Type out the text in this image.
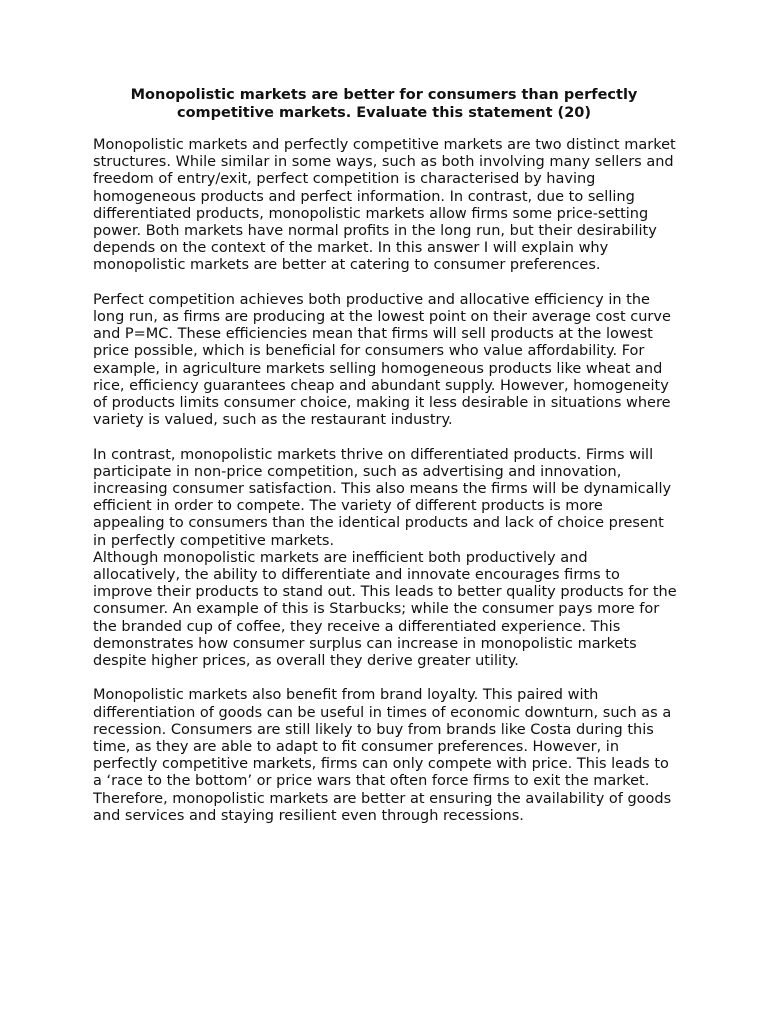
Monopolistic markets are better for consumers than perfectly competitive markets. Evaluate this statement (20)

Monopolistic markets and perfectly competitive markets are two distinct market structures. While similar in some ways, such as both involving many sellers and freedom of entry/exit, perfect competition is characterised by having homogeneous products and perfect information. In contrast, due to selling differentiated products, monopolistic markets allow firms some price-setting power. Both markets have normal profits in the long run, but their desirability depends on the context of the market. In this answer I will explain why monopolistic markets are better at catering to consumer preferences.

Perfect competition achieves both productive and allocative efficiency in the long run, as firms are producing at the lowest point on their average cost curve and P=MC. These efficiencies mean that firms will sell products at the lowest price possible, which is beneficial for consumers who value affordability. For example, in agriculture markets selling homogeneous products like wheat and rice, efficiency guarantees cheap and abundant supply. However, homogeneity of products limits consumer choice, making it less desirable in situations where variety is valued, such as the restaurant industry.

In contrast, monopolistic markets thrive on differentiated products. Firms will participate in non-price competition, such as advertising and innovation, increasing consumer satisfaction. This also means the firms will be dynamically efficient in order to compete. The variety of different products is more appealing to consumers than the identical products and lack of choice present in perfectly competitive markets.

Although monopolistic markets are inefficient both productively and allocatively, the ability to differentiate and innovate encourages firms to improve their products to stand out. This leads to better quality products for the consumer. An example of this is Starbucks; while the consumer pays more for the branded cup of coffee, they receive a differentiated experience. This demonstrates how consumer surplus can increase in monopolistic markets despite higher prices, as overall they derive greater utility.

Monopolistic markets also benefit from brand loyalty. This paired with differentiation of goods can be useful in times of economic downturn, such as a recession. Consumers are still likely to buy from brands like Costa during this time, as they are able to adapt to fit consumer preferences. However, in perfectly competitive markets, firms can only compete with price. This leads to a ‘race to the bottom’ or price wars that often force firms to exit the market. Therefore, monopolistic markets are better at ensuring the availability of goods and services and staying resilient even through recessions.
